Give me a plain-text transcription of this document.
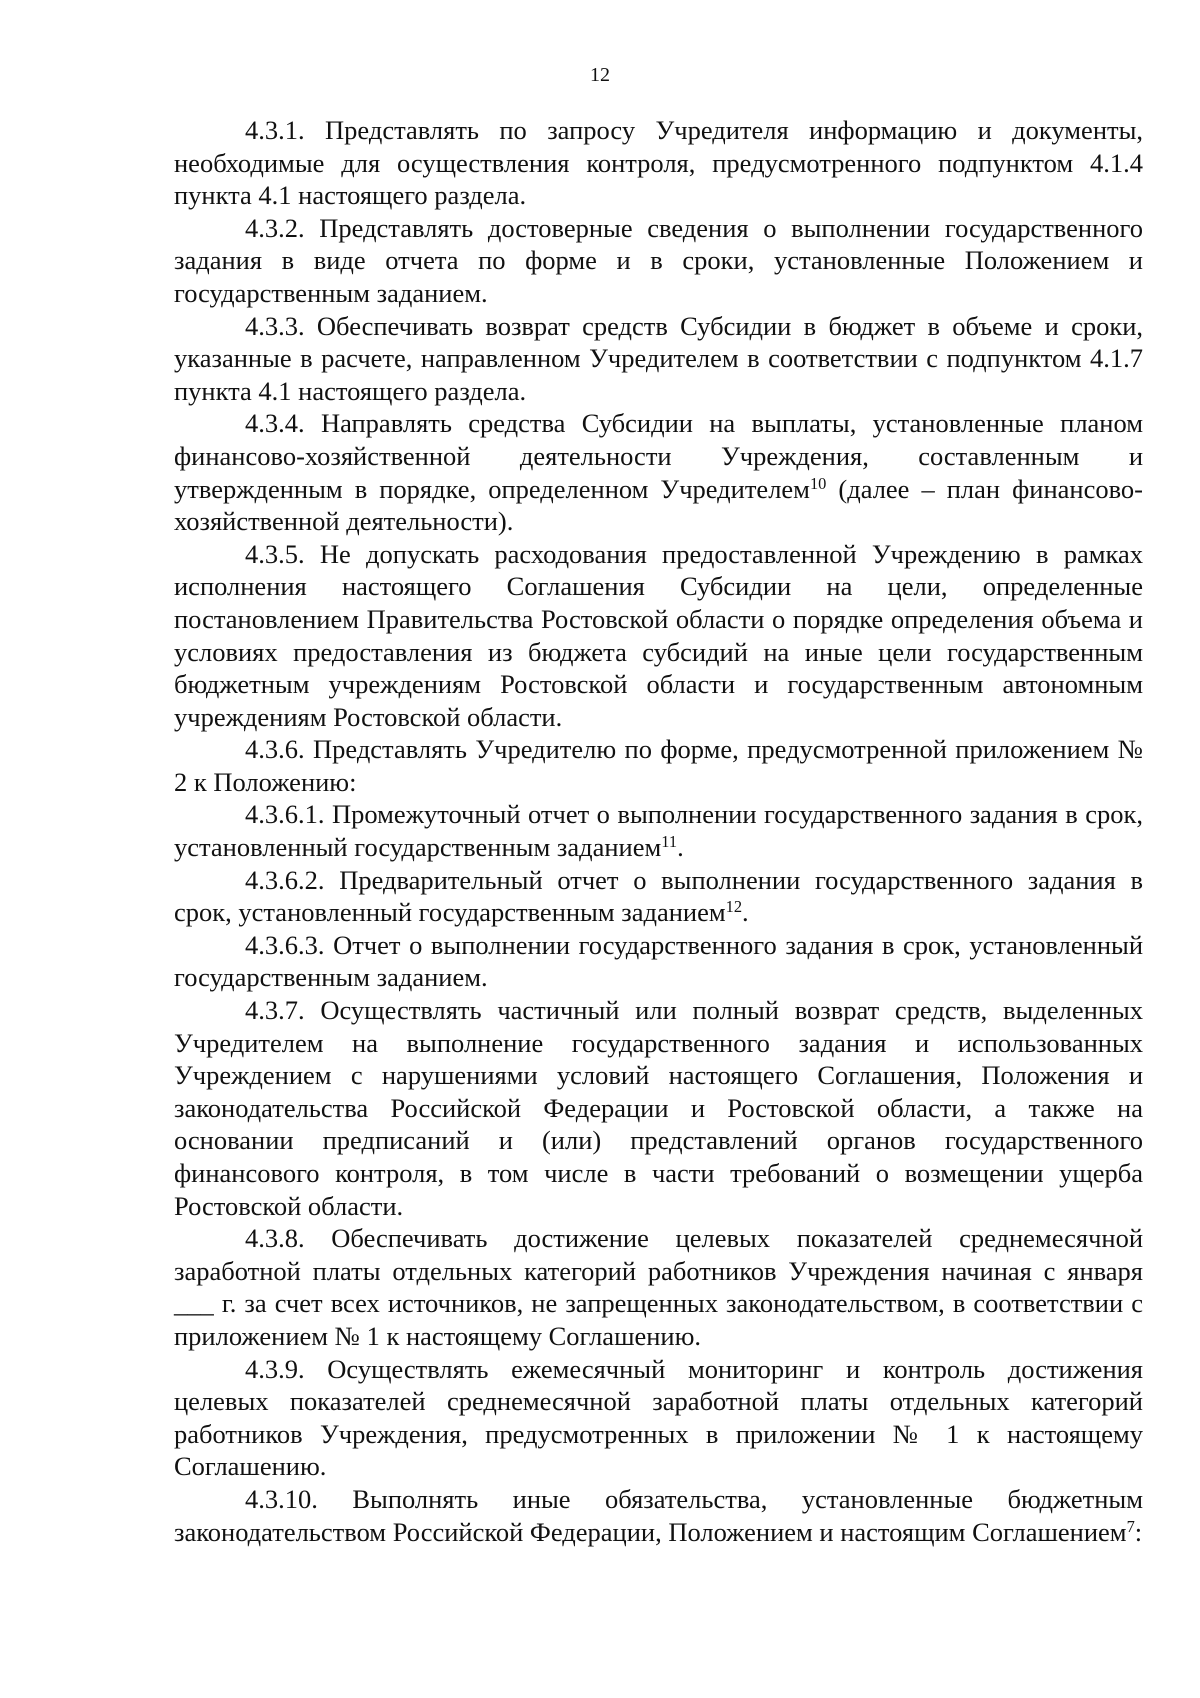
12

4.3.1. Представлять по запросу Учредителя информацию и документы, необходимые для осуществления контроля, предусмотренного подпунктом 4.1.4 пункта 4.1 настоящего раздела.

4.3.2. Представлять достоверные сведения о выполнении государственного задания в виде отчета по форме и в сроки, установленные Положением и государственным заданием.

4.3.3. Обеспечивать возврат средств Субсидии в бюджет в объеме и сроки, указанные в расчете, направленном Учредителем в соответствии с подпунктом 4.1.7 пункта 4.1 настоящего раздела.

4.3.4. Направлять средства Субсидии на выплаты, установленные планом финансово-хозяйственной деятельности Учреждения, составленным и утвержденным в порядке, определенном Учредителем$^{10}$ (далее – план финансово-хозяйственной деятельности).

4.3.5. Не допускать расходования предоставленной Учреждению в рамках исполнения настоящего Соглашения Субсидии на цели, определенные постановлением Правительства Ростовской области о порядке определения объема и условиях предоставления из бюджета субсидий на иные цели государственным бюджетным учреждениям Ростовской области и государственным автономным учреждениям Ростовской области.

4.3.6. Представлять Учредителю по форме, предусмотренной приложением № 2 к Положению:

4.3.6.1. Промежуточный отчет о выполнении государственного задания в срок, установленный государственным заданием$^{11}$.

4.3.6.2. Предварительный отчет о выполнении государственного задания в срок, установленный государственным заданием$^{12}$.

4.3.6.3. Отчет о выполнении государственного задания в срок, установленный государственным заданием.

4.3.7. Осуществлять частичный или полный возврат средств, выделенных Учредителем на выполнение государственного задания и использованных Учреждением с нарушениями условий настоящего Соглашения, Положения и законодательства Российской Федерации и Ростовской области, а также на основании предписаний и (или) представлений органов государственного финансового контроля, в том числе в части требований о возмещении ущерба Ростовской области.

4.3.8. Обеспечивать достижение целевых показателей среднемесячной заработной платы отдельных категорий работников Учреждения начиная с января ___ г. за счет всех источников, не запрещенных законодательством, в соответствии с приложением № 1 к настоящему Соглашению.

4.3.9. Осуществлять ежемесячный мониторинг и контроль достижения целевых показателей среднемесячной заработной платы отдельных категорий работников Учреждения, предусмотренных в приложении № 1 к настоящему Соглашению.

4.3.10. Выполнять иные обязательства, установленные бюджетным законодательством Российской Федерации, Положением и настоящим Соглашением$^7$:
